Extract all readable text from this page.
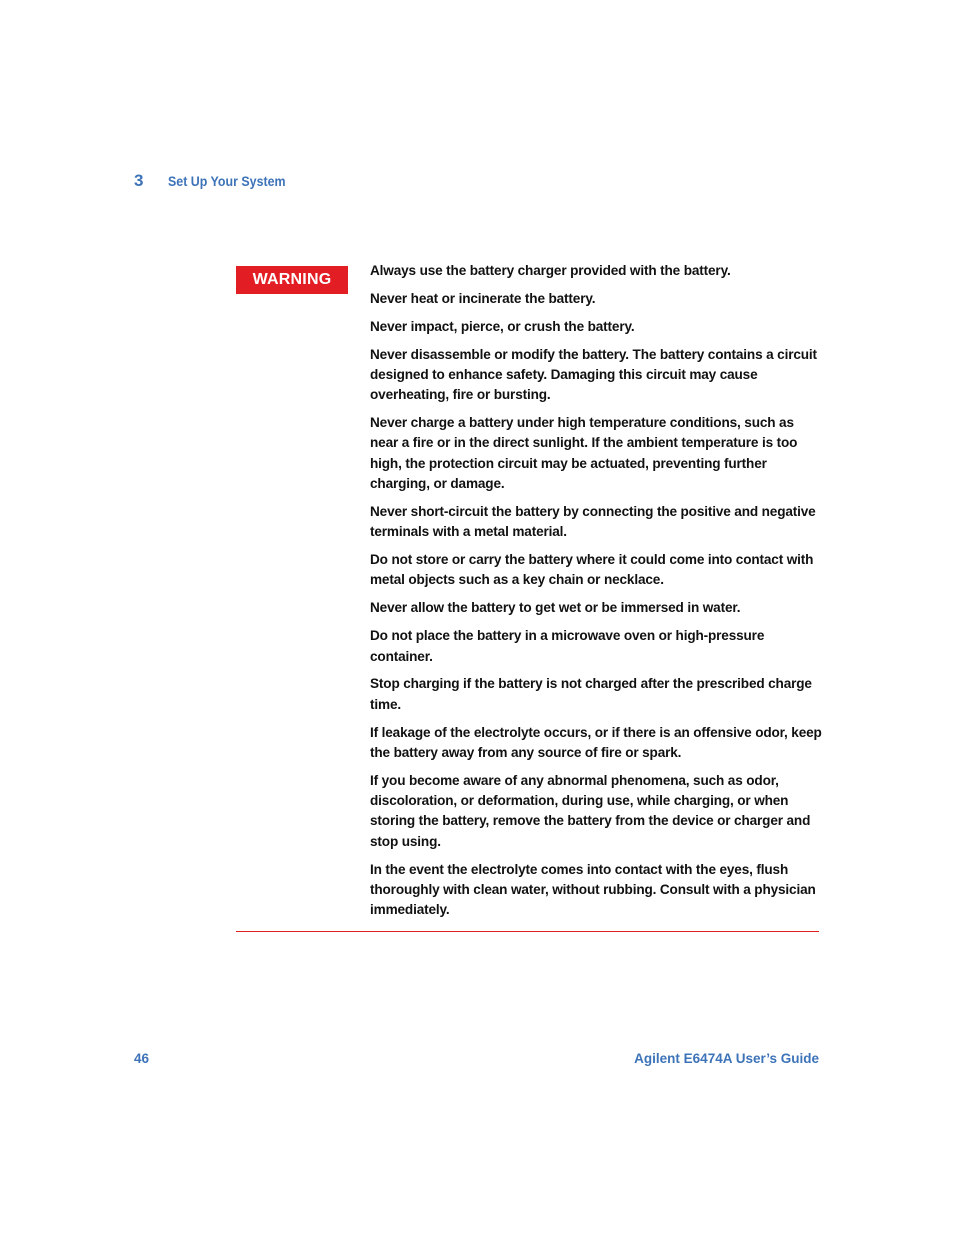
3	Set Up Your System
WARNING

Always use the battery charger provided with the battery.

Never heat or incinerate the battery.

Never impact, pierce, or crush the battery.

Never disassemble or modify the battery. The battery contains a circuit designed to enhance safety. Damaging this circuit may cause overheating, fire or bursting.

Never charge a battery under high temperature conditions, such as near a fire or in the direct sunlight. If the ambient temperature is too high, the protection circuit may be actuated, preventing further charging, or damage.

Never short-circuit the battery by connecting the positive and negative terminals with a metal material.

Do not store or carry the battery where it could come into contact with metal objects such as a key chain or necklace.

Never allow the battery to get wet or be immersed in water.

Do not place the battery in a microwave oven or high-pressure container.

Stop charging if the battery is not charged after the prescribed charge time.

If leakage of the electrolyte occurs, or if there is an offensive odor, keep the battery away from any source of fire or spark.

If you become aware of any abnormal phenomena, such as odor, discoloration, or deformation, during use, while charging, or when storing the battery, remove the battery from the device or charger and stop using.

In the event the electrolyte comes into contact with the eyes, flush thoroughly with clean water, without rubbing. Consult with a physician immediately.

46	Agilent E6474A User’s Guide
